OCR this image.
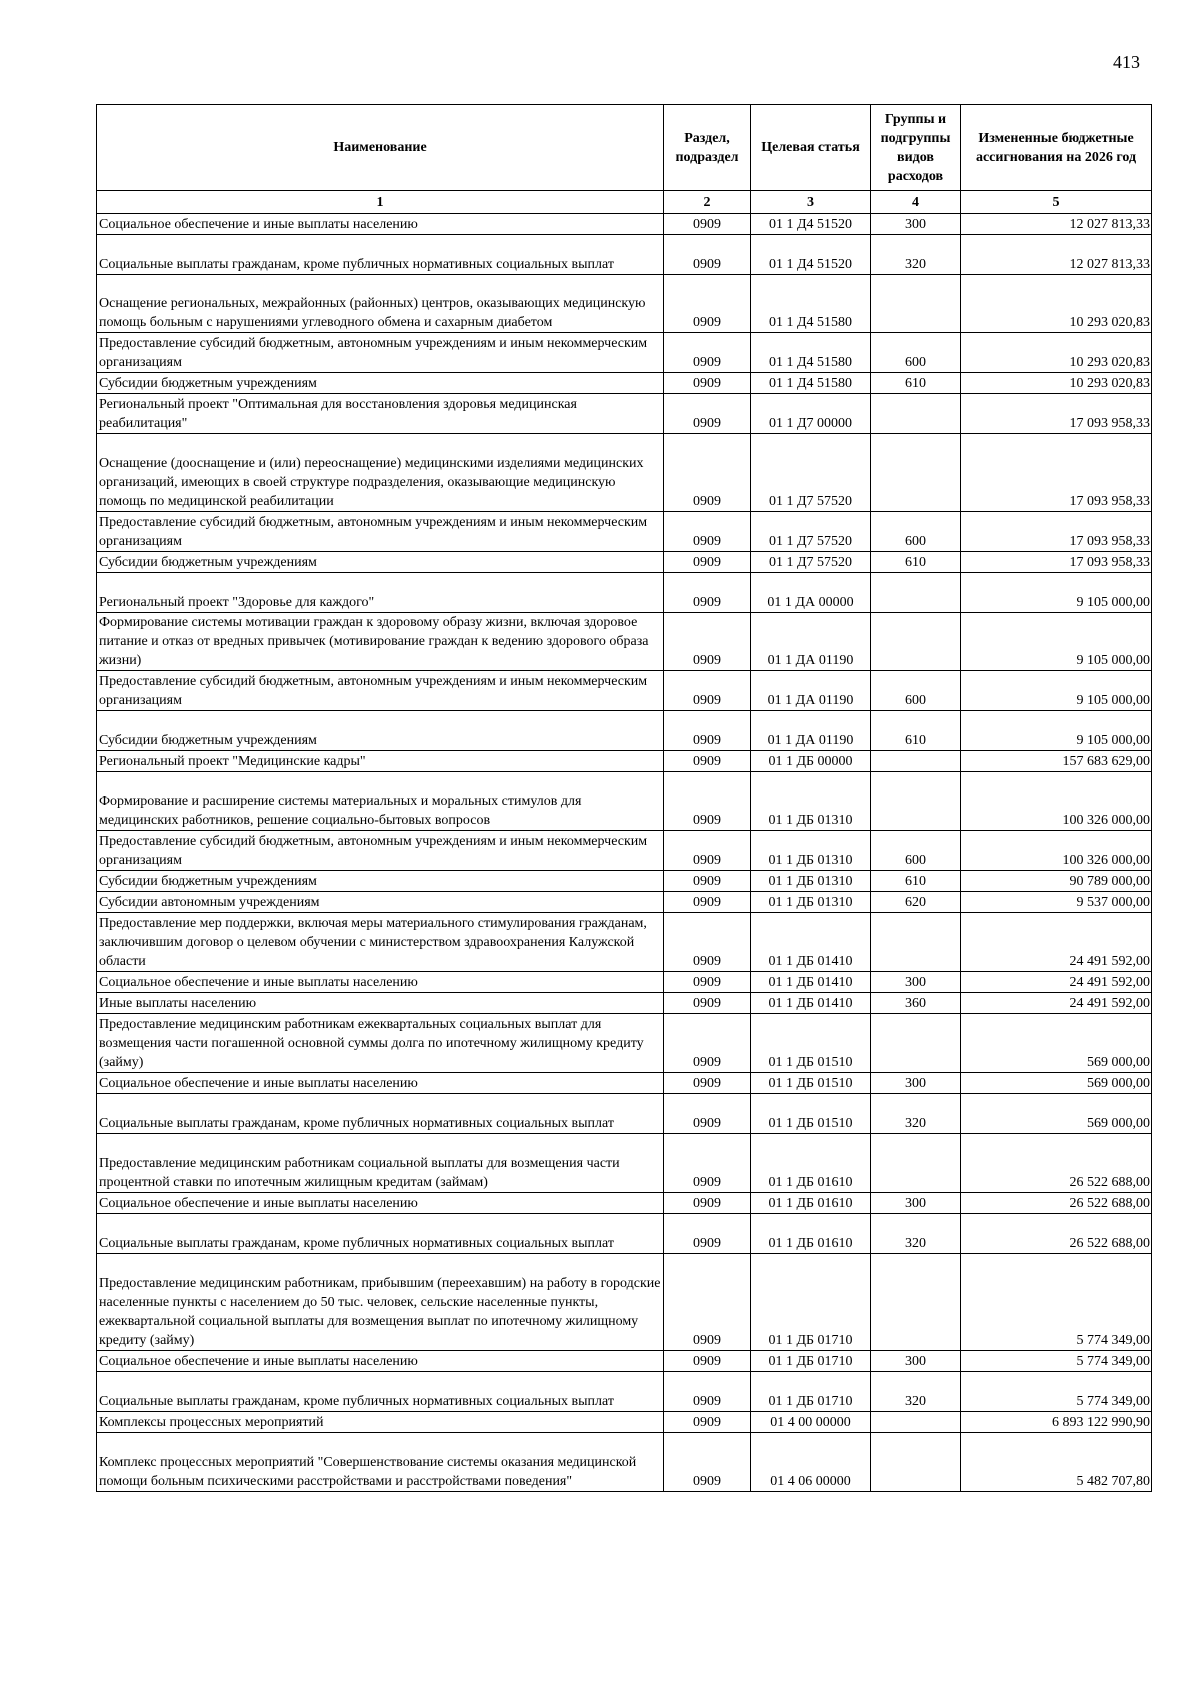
413
Наименование	Раздел, подраздел	Целевая статья	Группы и подгруппы видов расходов	Измененные бюджетные ассигнования на 2026 год
1	2	3	4	5
Социальное обеспечение и иные выплаты населению	0909	01 1 Д4 51520	300	12 027 813,33
Социальные выплаты гражданам, кроме публичных нормативных социальных выплат	0909	01 1 Д4 51520	320	12 027 813,33
Оснащение региональных, межрайонных (районных) центров, оказывающих медицинскую помощь больным с нарушениями углеводного обмена и сахарным диабетом	0909	01 1 Д4 51580		10 293 020,83
Предоставление субсидий бюджетным, автономным учреждениям и иным некоммерческим организациям	0909	01 1 Д4 51580	600	10 293 020,83
Субсидии бюджетным учреждениям	0909	01 1 Д4 51580	610	10 293 020,83
Региональный проект "Оптимальная для восстановления здоровья медицинская реабилитация"	0909	01 1 Д7 00000		17 093 958,33
Оснащение (дооснащение и (или) переоснащение) медицинскими изделиями медицинских организаций, имеющих в своей структуре подразделения, оказывающие медицинскую помощь по медицинской реабилитации	0909	01 1 Д7 57520		17 093 958,33
Предоставление субсидий бюджетным, автономным учреждениям и иным некоммерческим организациям	0909	01 1 Д7 57520	600	17 093 958,33
Субсидии бюджетным учреждениям	0909	01 1 Д7 57520	610	17 093 958,33
Региональный проект "Здоровье для каждого"	0909	01 1 ДА 00000		9 105 000,00
Формирование системы мотивации граждан к здоровому образу жизни, включая здоровое питание и отказ от вредных привычек (мотивирование граждан к ведению здорового образа жизни)	0909	01 1 ДА 01190		9 105 000,00
Предоставление субсидий бюджетным, автономным учреждениям и иным некоммерческим организациям	0909	01 1 ДА 01190	600	9 105 000,00
Субсидии бюджетным учреждениям	0909	01 1 ДА 01190	610	9 105 000,00
Региональный проект "Медицинские кадры"	0909	01 1 ДБ 00000		157 683 629,00
Формирование и расширение системы материальных и моральных стимулов для медицинских работников, решение социально-бытовых вопросов	0909	01 1 ДБ 01310		100 326 000,00
Предоставление субсидий бюджетным, автономным учреждениям и иным некоммерческим организациям	0909	01 1 ДБ 01310	600	100 326 000,00
Субсидии бюджетным учреждениям	0909	01 1 ДБ 01310	610	90 789 000,00
Субсидии автономным учреждениям	0909	01 1 ДБ 01310	620	9 537 000,00
Предоставление мер поддержки, включая меры материального стимулирования гражданам, заключившим договор о целевом обучении с министерством здравоохранения Калужской области	0909	01 1 ДБ 01410		24 491 592,00
Социальное обеспечение и иные выплаты населению	0909	01 1 ДБ 01410	300	24 491 592,00
Иные выплаты населению	0909	01 1 ДБ 01410	360	24 491 592,00
Предоставление медицинским работникам ежеквартальных социальных выплат для возмещения части погашенной основной суммы долга по ипотечному жилищному кредиту (займу)	0909	01 1 ДБ 01510		569 000,00
Социальное обеспечение и иные выплаты населению	0909	01 1 ДБ 01510	300	569 000,00
Социальные выплаты гражданам, кроме публичных нормативных социальных выплат	0909	01 1 ДБ 01510	320	569 000,00
Предоставление медицинским работникам социальной выплаты для возмещения части процентной ставки по ипотечным жилищным кредитам (займам)	0909	01 1 ДБ 01610		26 522 688,00
Социальное обеспечение и иные выплаты населению	0909	01 1 ДБ 01610	300	26 522 688,00
Социальные выплаты гражданам, кроме публичных нормативных социальных выплат	0909	01 1 ДБ 01610	320	26 522 688,00
Предоставление медицинским работникам, прибывшим (переехавшим) на работу в городские населенные пункты с населением до 50 тыс. человек, сельские населенные пункты, ежеквартальной социальной выплаты для возмещения выплат по ипотечному жилищному кредиту (займу)	0909	01 1 ДБ 01710		5 774 349,00
Социальное обеспечение и иные выплаты населению	0909	01 1 ДБ 01710	300	5 774 349,00
Социальные выплаты гражданам, кроме публичных нормативных социальных выплат	0909	01 1 ДБ 01710	320	5 774 349,00
Комплексы процессных мероприятий	0909	01 4 00 00000		6 893 122 990,90
Комплекс процессных мероприятий "Совершенствование системы оказания медицинской помощи больным психическими расстройствами и расстройствами поведения"	0909	01 4 06 00000		5 482 707,80
